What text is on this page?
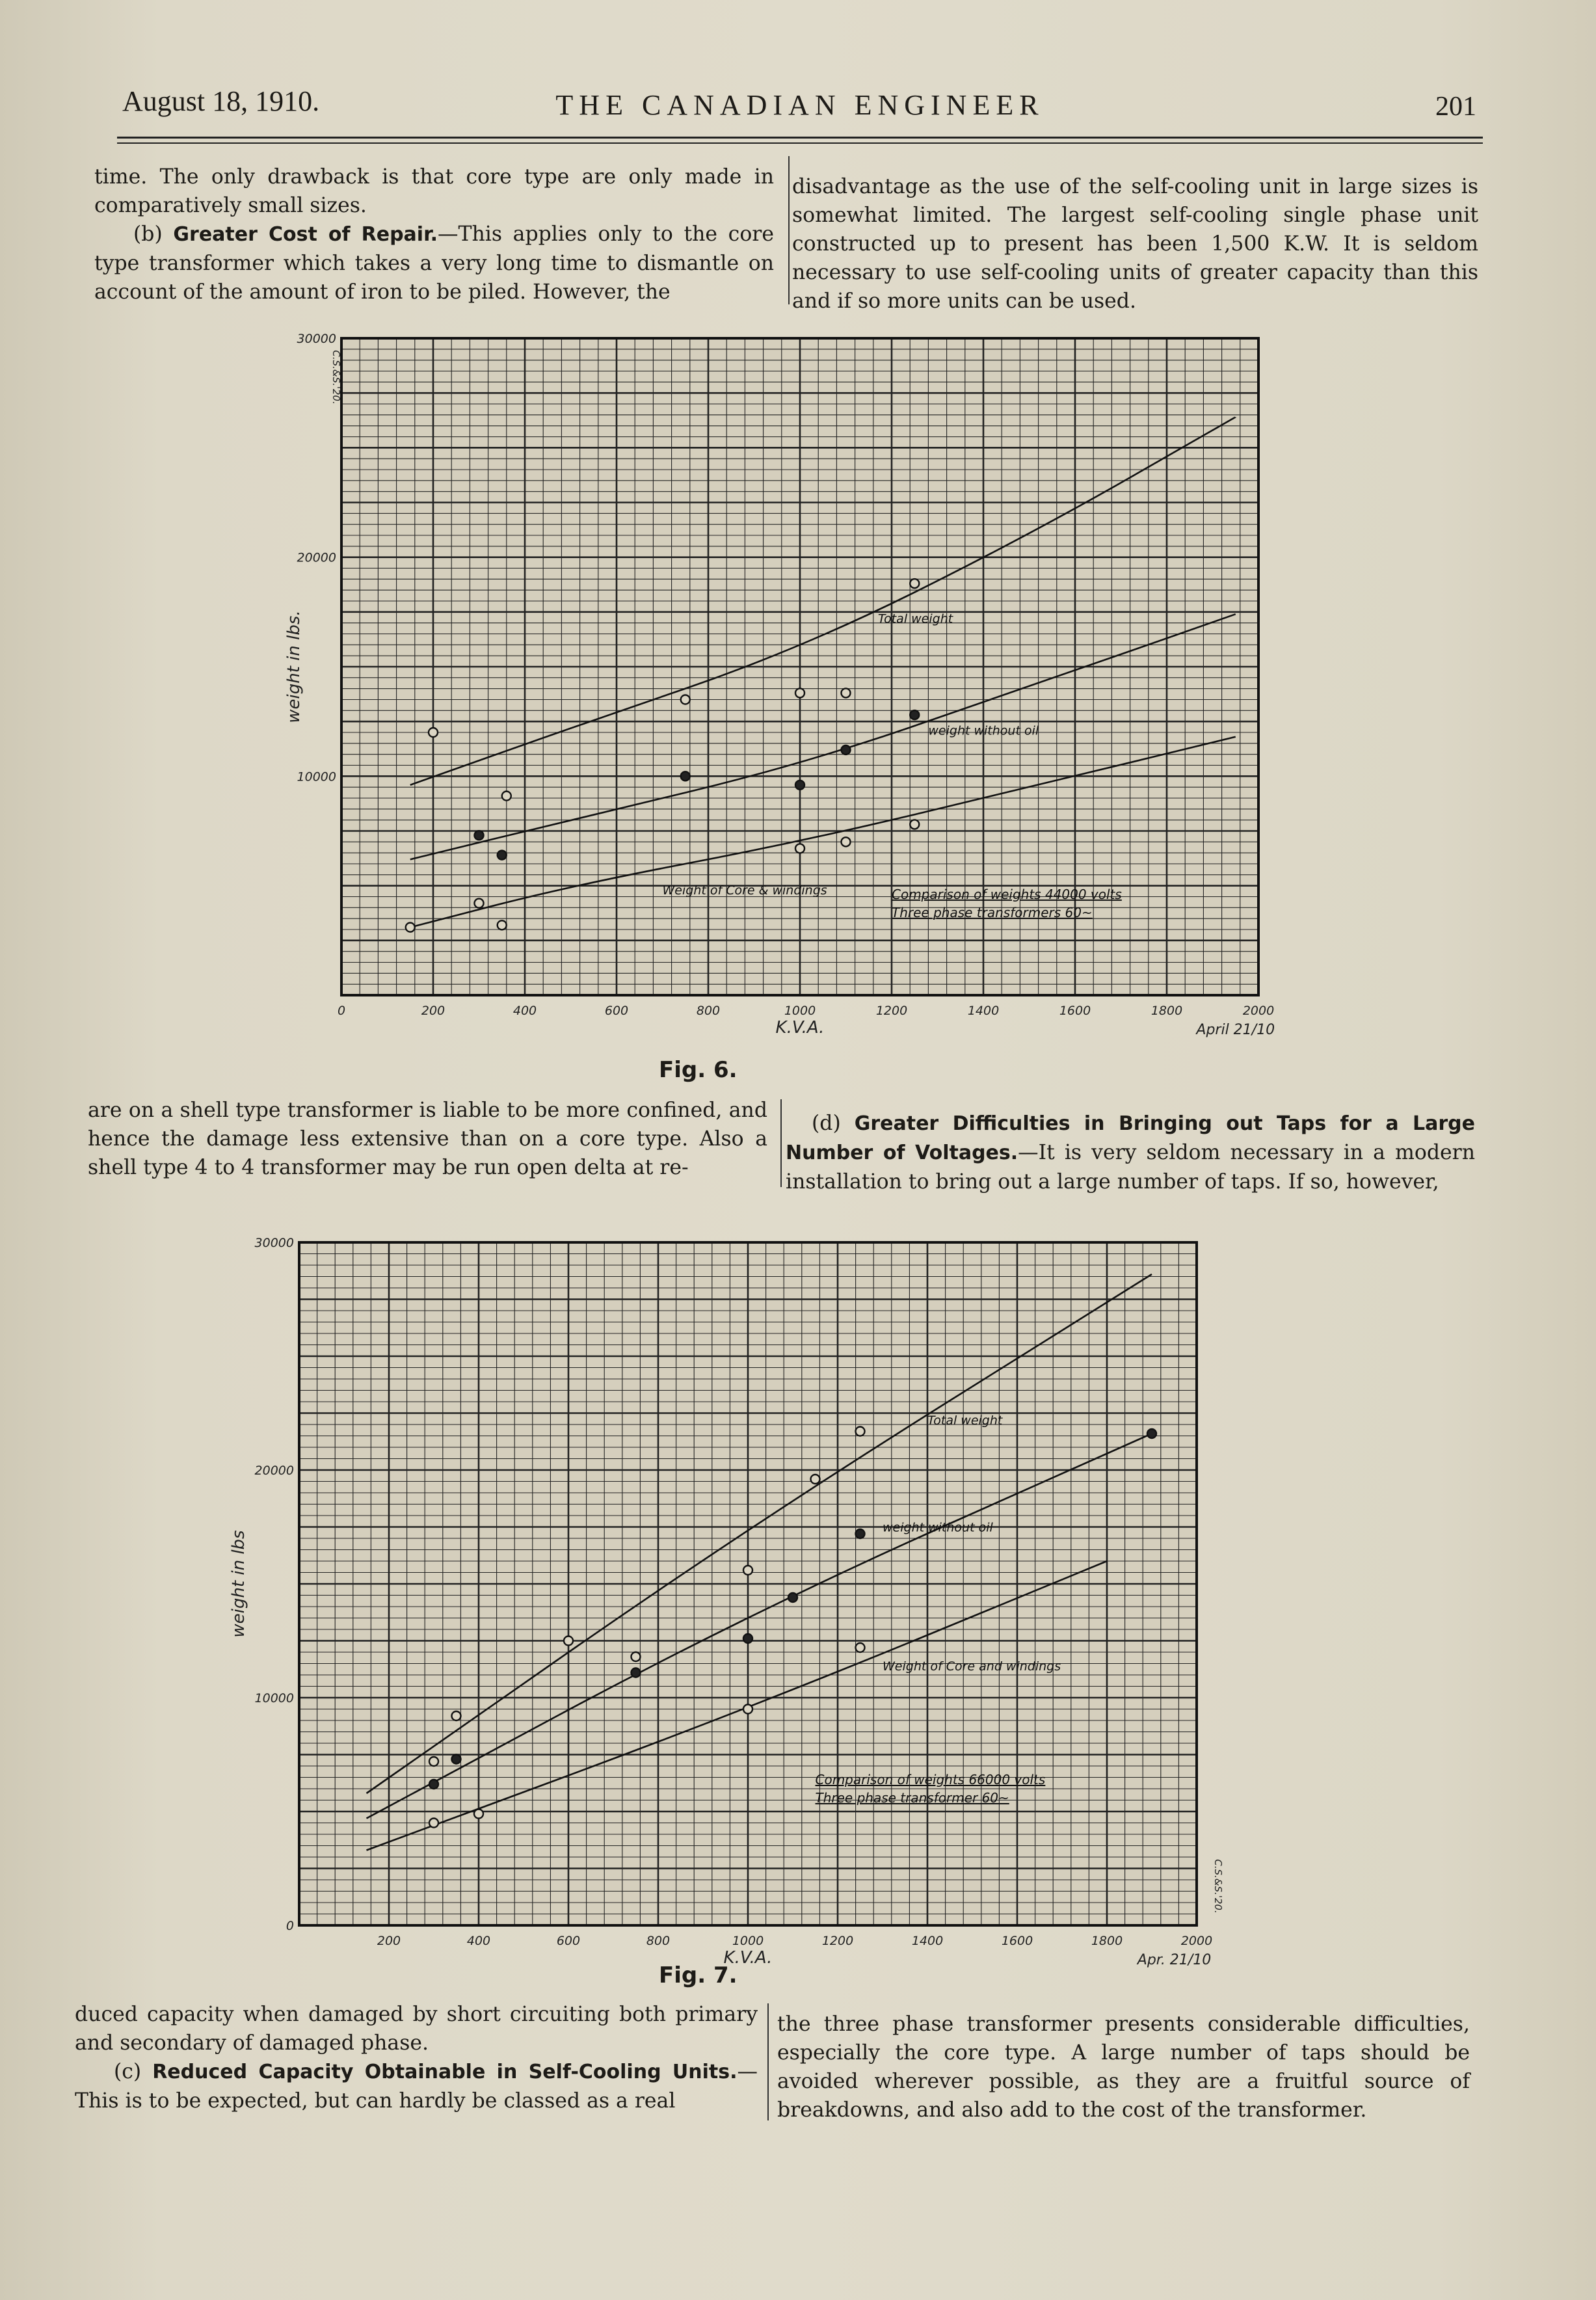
August 18, 1910.	THE CANADIAN ENGINEER	201

time. The only drawback is that core type are only made in comparatively small sizes.

(b) Greater Cost of Repair.—This applies only to the core type transformer which takes a very long time to dismantle on account of the amount of iron to be piled. However, the

disadvantage as the use of the self-cooling unit in large sizes is somewhat limited. The largest self-cooling single phase unit constructed up to present has been 1,500 K.W. It is seldom necessary to use self-cooling units of greater capacity than this and if so more units can be used.

200	400	600	800	1000	1200	1400	1600	1800	2000
0
10000
20000
30000
K.V.A.
weight in lbs.
April 21/10
C.S.&S.'20.
Total weight
weight without oil
Weight of Core & windings	Comparison of weights 44000 volts
Three phase transformers 60~
Fig. 6.

are on a shell type transformer is liable to be more confined, and hence the damage less extensive than on a core type. Also a shell type 4 to 4 transformer may be run open delta at re-

(d) Greater Difficulties in Bringing out Taps for a Large Number of Voltages.—It is very seldom necessary in a modern installation to bring out a large number of taps. If so, however,

200	400	600	800	1000	1200	1400	1600	1800	2000
0
10000
20000
30000
K.V.A.
weight in lbs
Apr. 21/10
C.S.&S.'20.
Total weight
weight without oil
Weight of Core and windings
Comparison of weights 66000 volts
Three phase transformer 60~
Fig. 7.

duced capacity when damaged by short circuiting both primary and secondary of damaged phase.

(c) Reduced Capacity Obtainable in Self-Cooling Units.— This is to be expected, but can hardly be classed as a real

the three phase transformer presents considerable difficulties, especially the core type. A large number of taps should be avoided wherever possible, as they are a fruitful source of breakdowns, and also add to the cost of the transformer.
